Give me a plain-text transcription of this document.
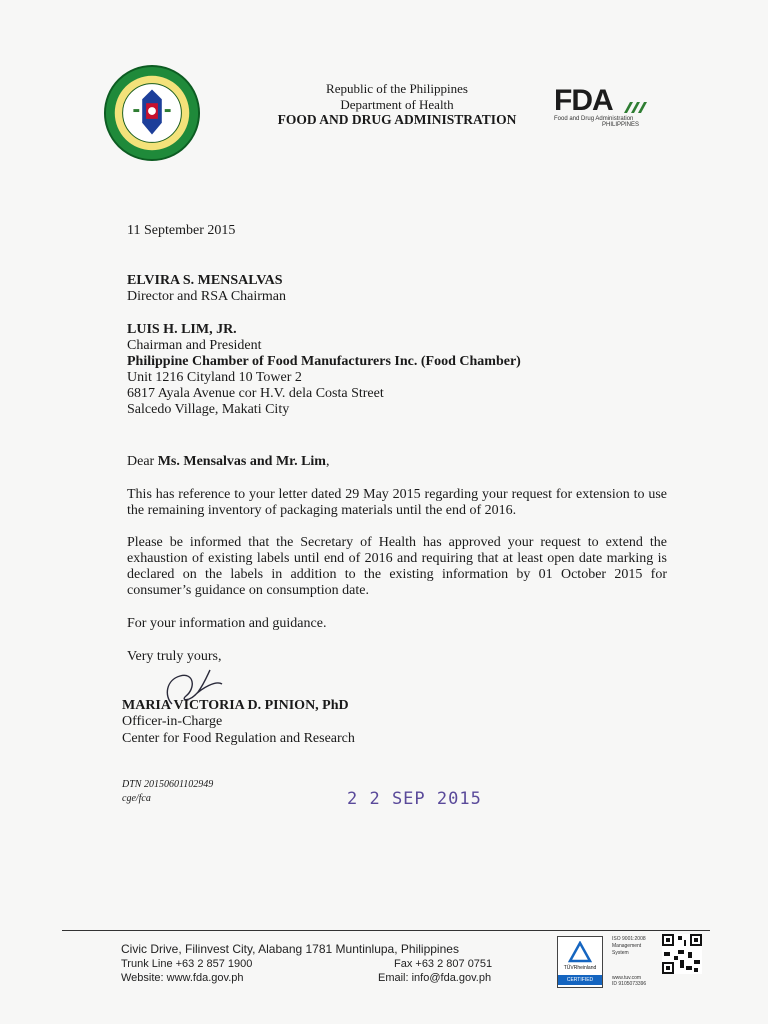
Republic of the Philippines
Department of Health
FOOD AND DRUG ADMINISTRATION
FDA
Food and Drug Administration
PHILIPPINES
11 September 2015
ELVIRA S. MENSALVAS
Director and RSA Chairman
LUIS H. LIM, JR.
Chairman and President
Philippine Chamber of Food Manufacturers Inc. (Food Chamber)
Unit 1216 Cityland 10 Tower 2
6817 Ayala Avenue cor H.V. dela Costa Street
Salcedo Village, Makati City
Dear Ms. Mensalvas and Mr. Lim,
This has reference to your letter dated 29 May 2015 regarding your request for extension to use the remaining inventory of packaging materials until the end of 2016.
Please be informed that the Secretary of Health has approved your request to extend the exhaustion of existing labels until end of 2016 and requiring that at least open date marking is declared on the labels in addition to the existing information by 01 October 2015 for consumer’s guidance on consumption date.
For your information and guidance.
Very truly yours,
MARIA VICTORIA D. PINION, PhD
Officer-in-Charge
Center for Food Regulation and Research
DTN 20150601102949
cge/fca	2 2 SEP 2015
Civic Drive, Filinvest City, Alabang 1781 Muntinlupa, Philippines
Trunk Line +63 2 857 1900	Fax +63 2 807 0751
Website: www.fda.gov.ph	Email: info@fda.gov.ph
TÜVRheinland
CERTIFIED
ISO 9001:2008
Management
System
www.tuv.com
ID 9105073396
